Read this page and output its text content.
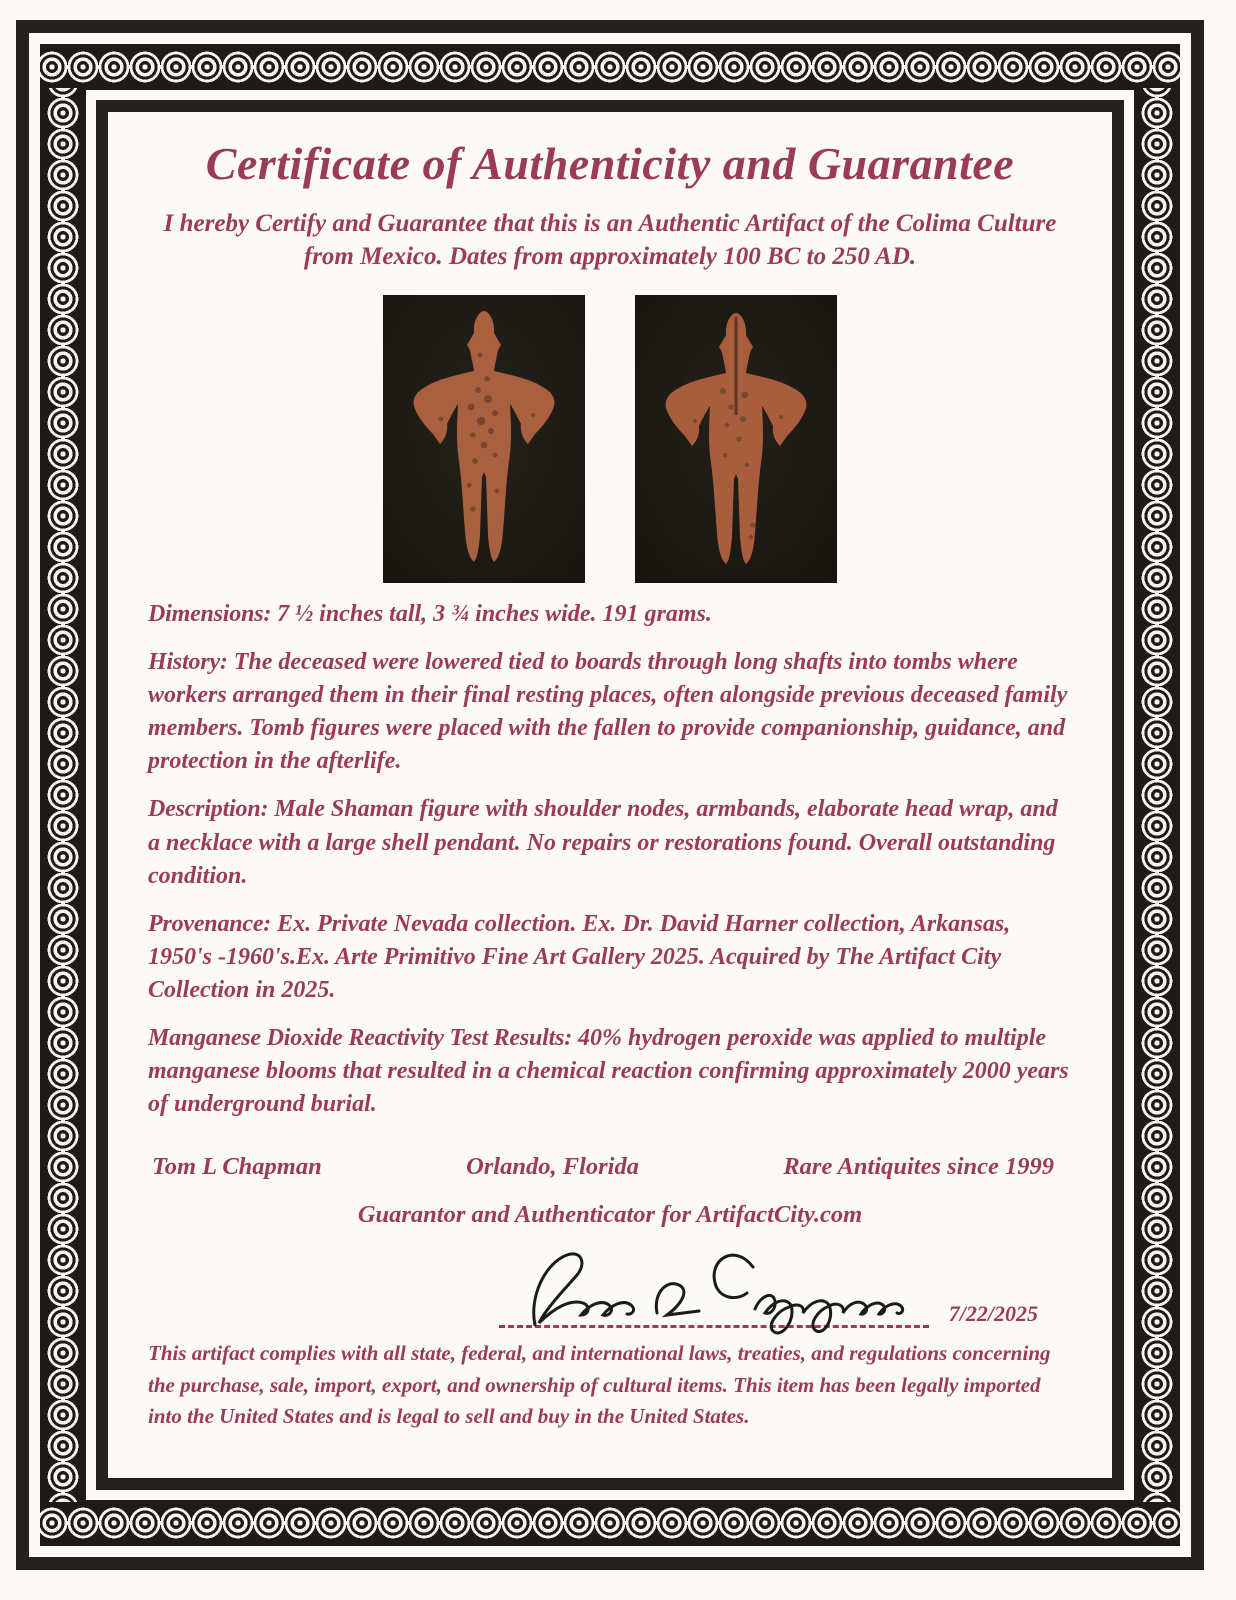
Certificate of Authenticity and Guarantee
I hereby Certify and Guarantee that this is an Authentic Artifact of the Colima Culture from Mexico. Dates from approximately 100 BC to 250 AD.
Dimensions: 7 ½ inches tall, 3 ¾ inches wide. 191 grams.
History: The deceased were lowered tied to boards through long shafts into tombs where workers arranged them in their final resting places, often alongside previous deceased family members. Tomb figures were placed with the fallen to provide companionship, guidance, and protection in the afterlife.
Description: Male Shaman figure with shoulder nodes, armbands, elaborate head wrap, and a necklace with a large shell pendant. No repairs or restorations found. Overall outstanding condition.
Provenance: Ex. Private Nevada collection. Ex. Dr. David Harner collection, Arkansas, 1950's -1960's.Ex. Arte Primitivo Fine Art Gallery 2025. Acquired by The Artifact City Collection in 2025.
Manganese Dioxide Reactivity Test Results: 40% hydrogen peroxide was applied to multiple manganese blooms that resulted in a chemical reaction confirming approximately 2000 years of underground burial.
Tom L Chapman	Orlando, Florida	Rare Antiquites since 1999
Guarantor and Authenticator for ArtifactCity.com
7/22/2025
This artifact complies with all state, federal, and international laws, treaties, and regulations concerning the purchase, sale, import, export, and ownership of cultural items. This item has been legally imported into the United States and is legal to sell and buy in the United States.
